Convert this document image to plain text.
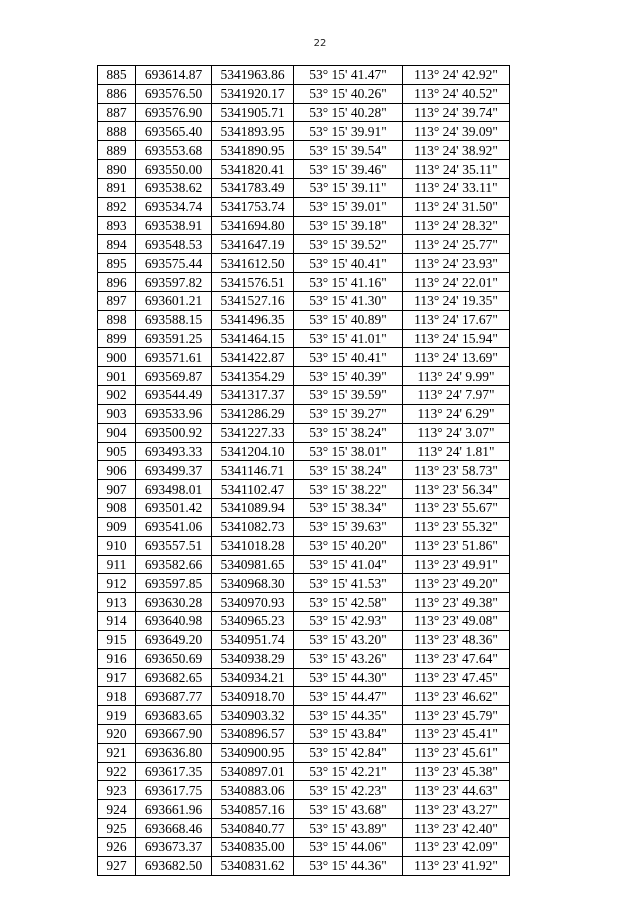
22
885	693614.87	5341963.86	53° 15' 41.47"	113° 24' 42.92"
886	693576.50	5341920.17	53° 15' 40.26"	113° 24' 40.52"
887	693576.90	5341905.71	53° 15' 40.28"	113° 24' 39.74"
888	693565.40	5341893.95	53° 15' 39.91"	113° 24' 39.09"
889	693553.68	5341890.95	53° 15' 39.54"	113° 24' 38.92"
890	693550.00	5341820.41	53° 15' 39.46"	113° 24' 35.11"
891	693538.62	5341783.49	53° 15' 39.11"	113° 24' 33.11"
892	693534.74	5341753.74	53° 15' 39.01"	113° 24' 31.50"
893	693538.91	5341694.80	53° 15' 39.18"	113° 24' 28.32"
894	693548.53	5341647.19	53° 15' 39.52"	113° 24' 25.77"
895	693575.44	5341612.50	53° 15' 40.41"	113° 24' 23.93"
896	693597.82	5341576.51	53° 15' 41.16"	113° 24' 22.01"
897	693601.21	5341527.16	53° 15' 41.30"	113° 24' 19.35"
898	693588.15	5341496.35	53° 15' 40.89"	113° 24' 17.67"
899	693591.25	5341464.15	53° 15' 41.01"	113° 24' 15.94"
900	693571.61	5341422.87	53° 15' 40.41"	113° 24' 13.69"
901	693569.87	5341354.29	53° 15' 40.39"	113° 24' 9.99"
902	693544.49	5341317.37	53° 15' 39.59"	113° 24' 7.97"
903	693533.96	5341286.29	53° 15' 39.27"	113° 24' 6.29"
904	693500.92	5341227.33	53° 15' 38.24"	113° 24' 3.07"
905	693493.33	5341204.10	53° 15' 38.01"	113° 24' 1.81"
906	693499.37	5341146.71	53° 15' 38.24"	113° 23' 58.73"
907	693498.01	5341102.47	53° 15' 38.22"	113° 23' 56.34"
908	693501.42	5341089.94	53° 15' 38.34"	113° 23' 55.67"
909	693541.06	5341082.73	53° 15' 39.63"	113° 23' 55.32"
910	693557.51	5341018.28	53° 15' 40.20"	113° 23' 51.86"
911	693582.66	5340981.65	53° 15' 41.04"	113° 23' 49.91"
912	693597.85	5340968.30	53° 15' 41.53"	113° 23' 49.20"
913	693630.28	5340970.93	53° 15' 42.58"	113° 23' 49.38"
914	693640.98	5340965.23	53° 15' 42.93"	113° 23' 49.08"
915	693649.20	5340951.74	53° 15' 43.20"	113° 23' 48.36"
916	693650.69	5340938.29	53° 15' 43.26"	113° 23' 47.64"
917	693682.65	5340934.21	53° 15' 44.30"	113° 23' 47.45"
918	693687.77	5340918.70	53° 15' 44.47"	113° 23' 46.62"
919	693683.65	5340903.32	53° 15' 44.35"	113° 23' 45.79"
920	693667.90	5340896.57	53° 15' 43.84"	113° 23' 45.41"
921	693636.80	5340900.95	53° 15' 42.84"	113° 23' 45.61"
922	693617.35	5340897.01	53° 15' 42.21"	113° 23' 45.38"
923	693617.75	5340883.06	53° 15' 42.23"	113° 23' 44.63"
924	693661.96	5340857.16	53° 15' 43.68"	113° 23' 43.27"
925	693668.46	5340840.77	53° 15' 43.89"	113° 23' 42.40"
926	693673.37	5340835.00	53° 15' 44.06"	113° 23' 42.09"
927	693682.50	5340831.62	53° 15' 44.36"	113° 23' 41.92"
